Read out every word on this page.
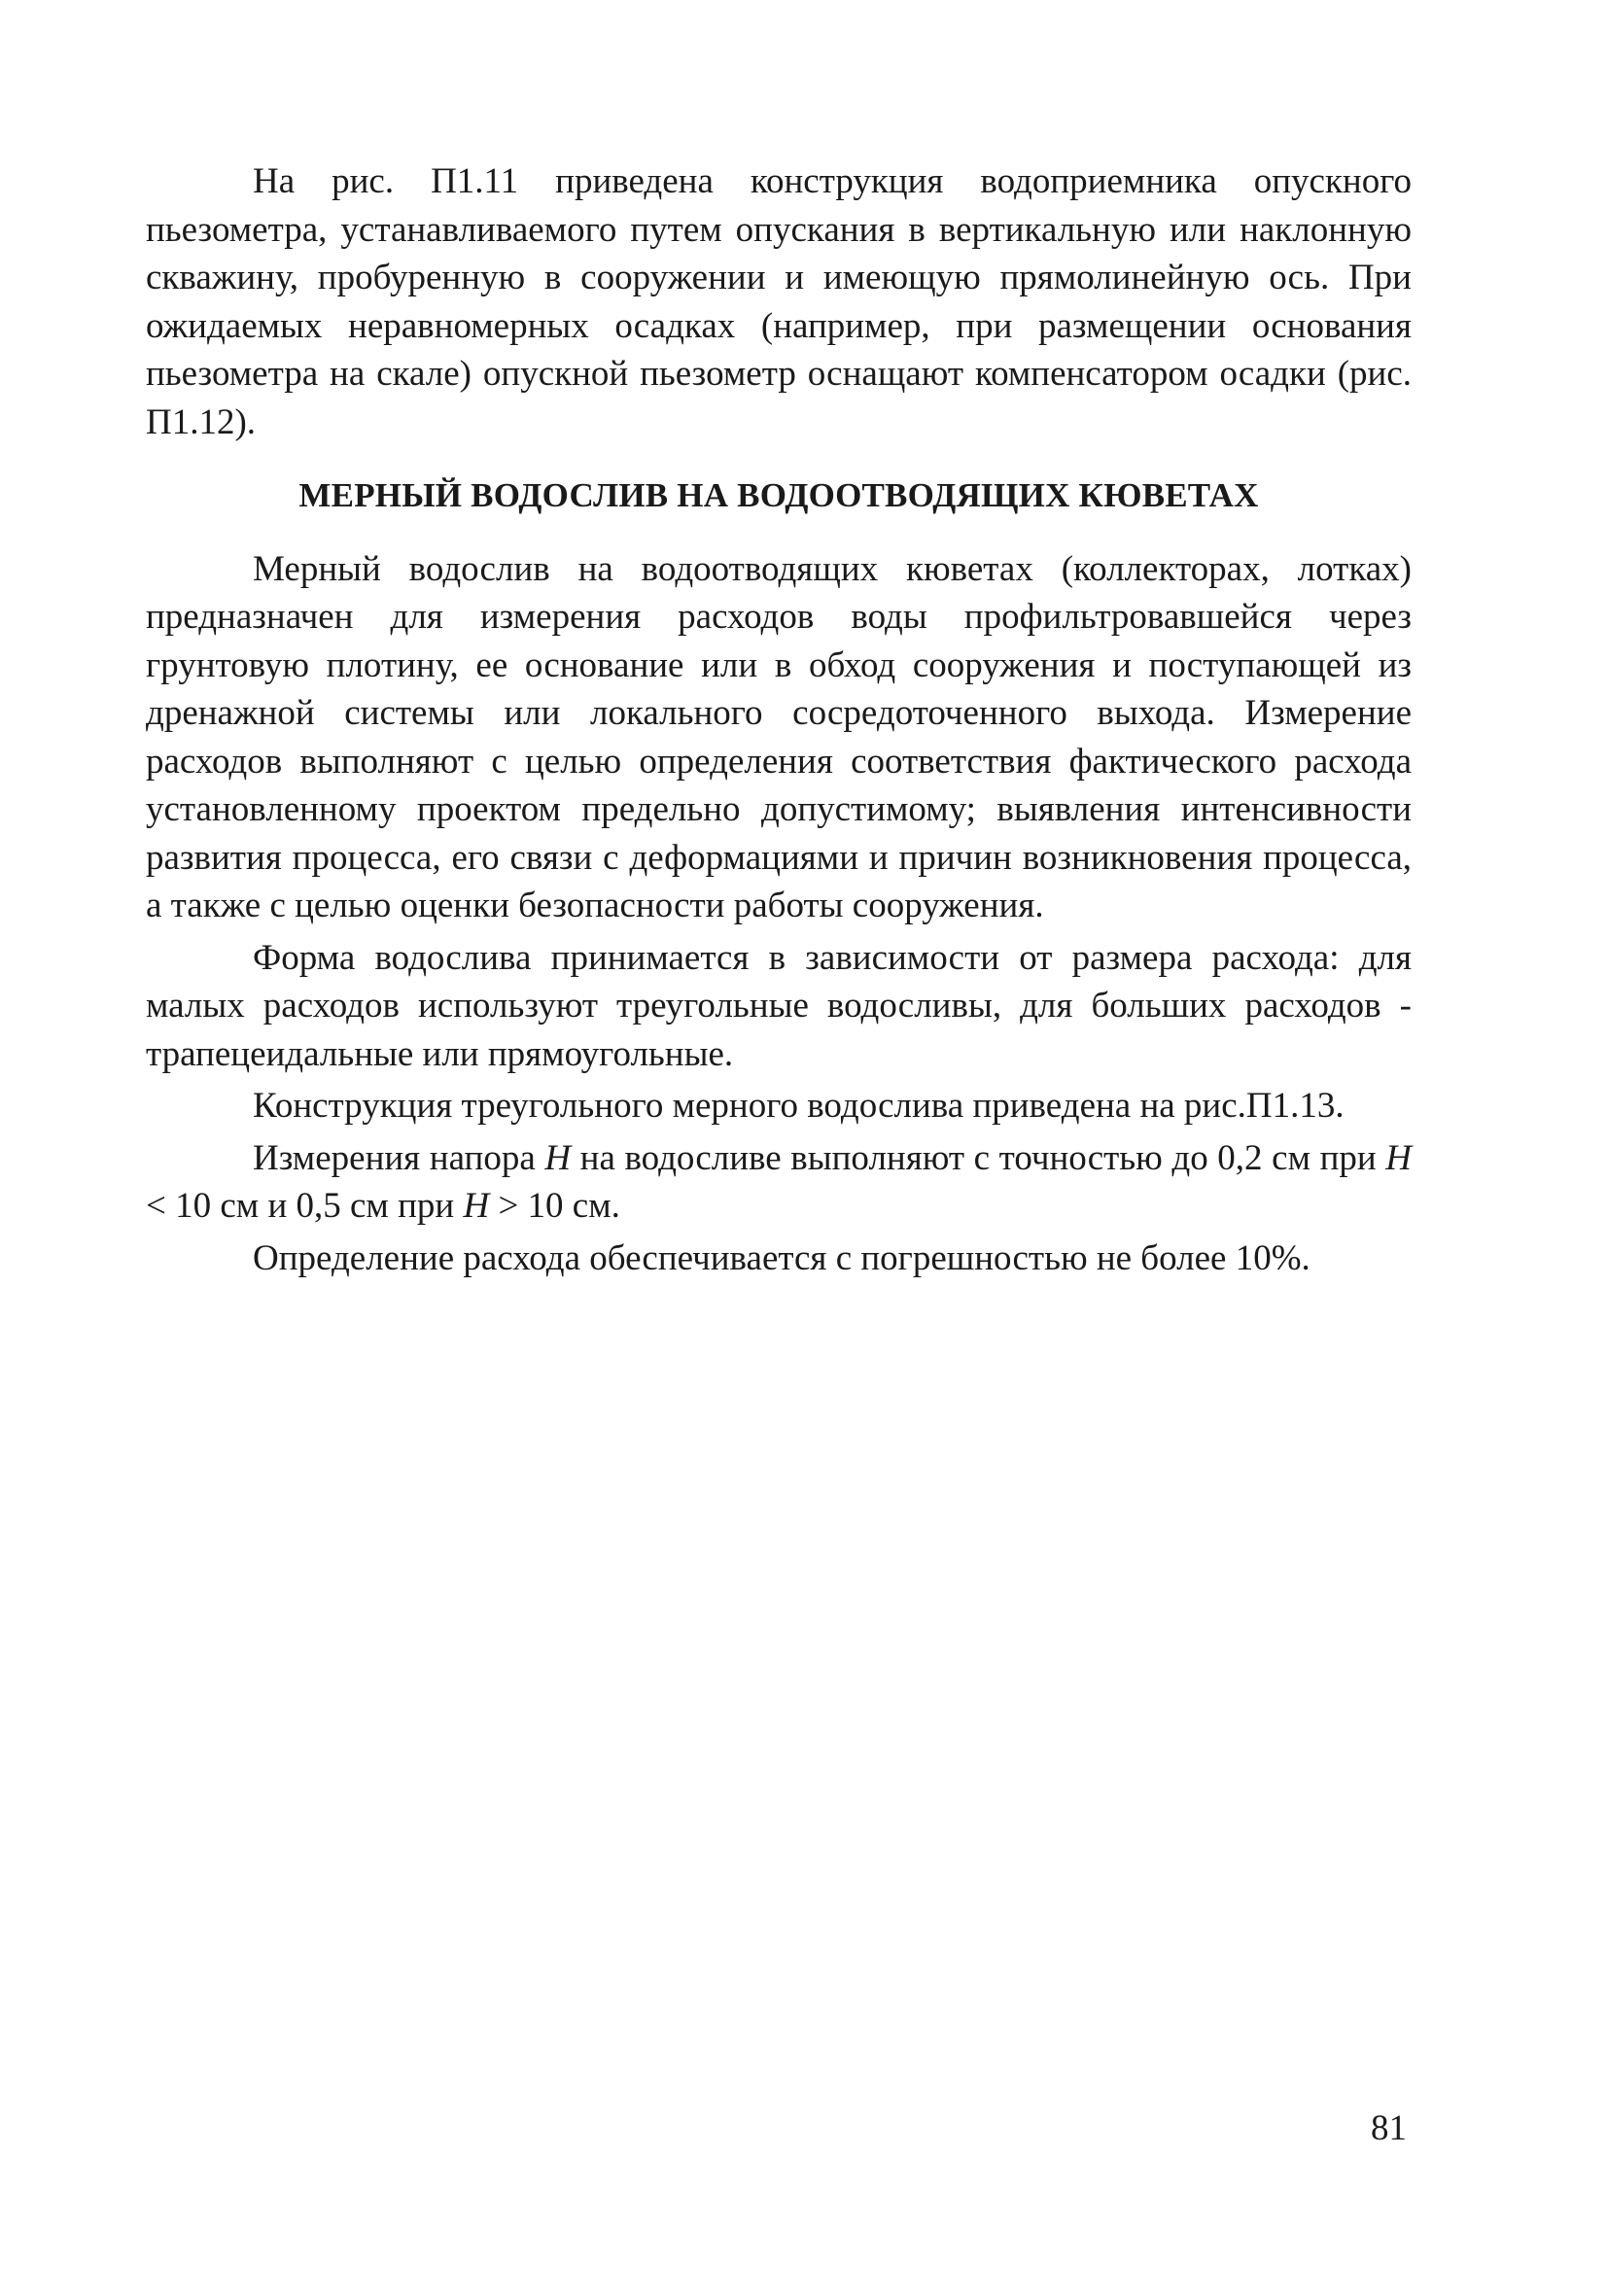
На рис. П1.11 приведена конструкция водоприемника опускного пьезометра, устанавливаемого путем опускания в вертикальную или наклонную скважину, пробуренную в сооружении и имеющую прямолинейную ось. При ожидаемых неравномерных осадках (например, при размещении основания пьезометра на скале) опускной пьезометр оснащают компенсатором осадки (рис. П1.12).

МЕРНЫЙ ВОДОСЛИВ НА ВОДООТВОДЯЩИХ КЮВЕТАХ

Мерный водослив на водоотводящих кюветах (коллекторах, лотках) предназначен для измерения расходов воды профильтровавшейся через грунтовую плотину, ее основание или в обход сооружения и поступающей из дренажной системы или локального сосредоточенного выхода. Измерение расходов выполняют с целью определения соответствия фактического расхода установленному проектом предельно допустимому; выявления интенсивности развития процесса, его связи с деформациями и причин возникновения процесса, а также с целью оценки безопасности работы сооружения.

Форма водослива принимается в зависимости от размера расхода: для малых расходов используют треугольные водосливы, для больших расходов - трапецеидальные или прямоугольные.

Конструкция треугольного мерного водослива приведена на рис.П1.13.

Измерения напора H на водосливе выполняют с точностью до 0,2 см при H < 10 см и 0,5 см при H > 10 см.

Определение расхода обеспечивается с погрешностью не более 10%.

81
